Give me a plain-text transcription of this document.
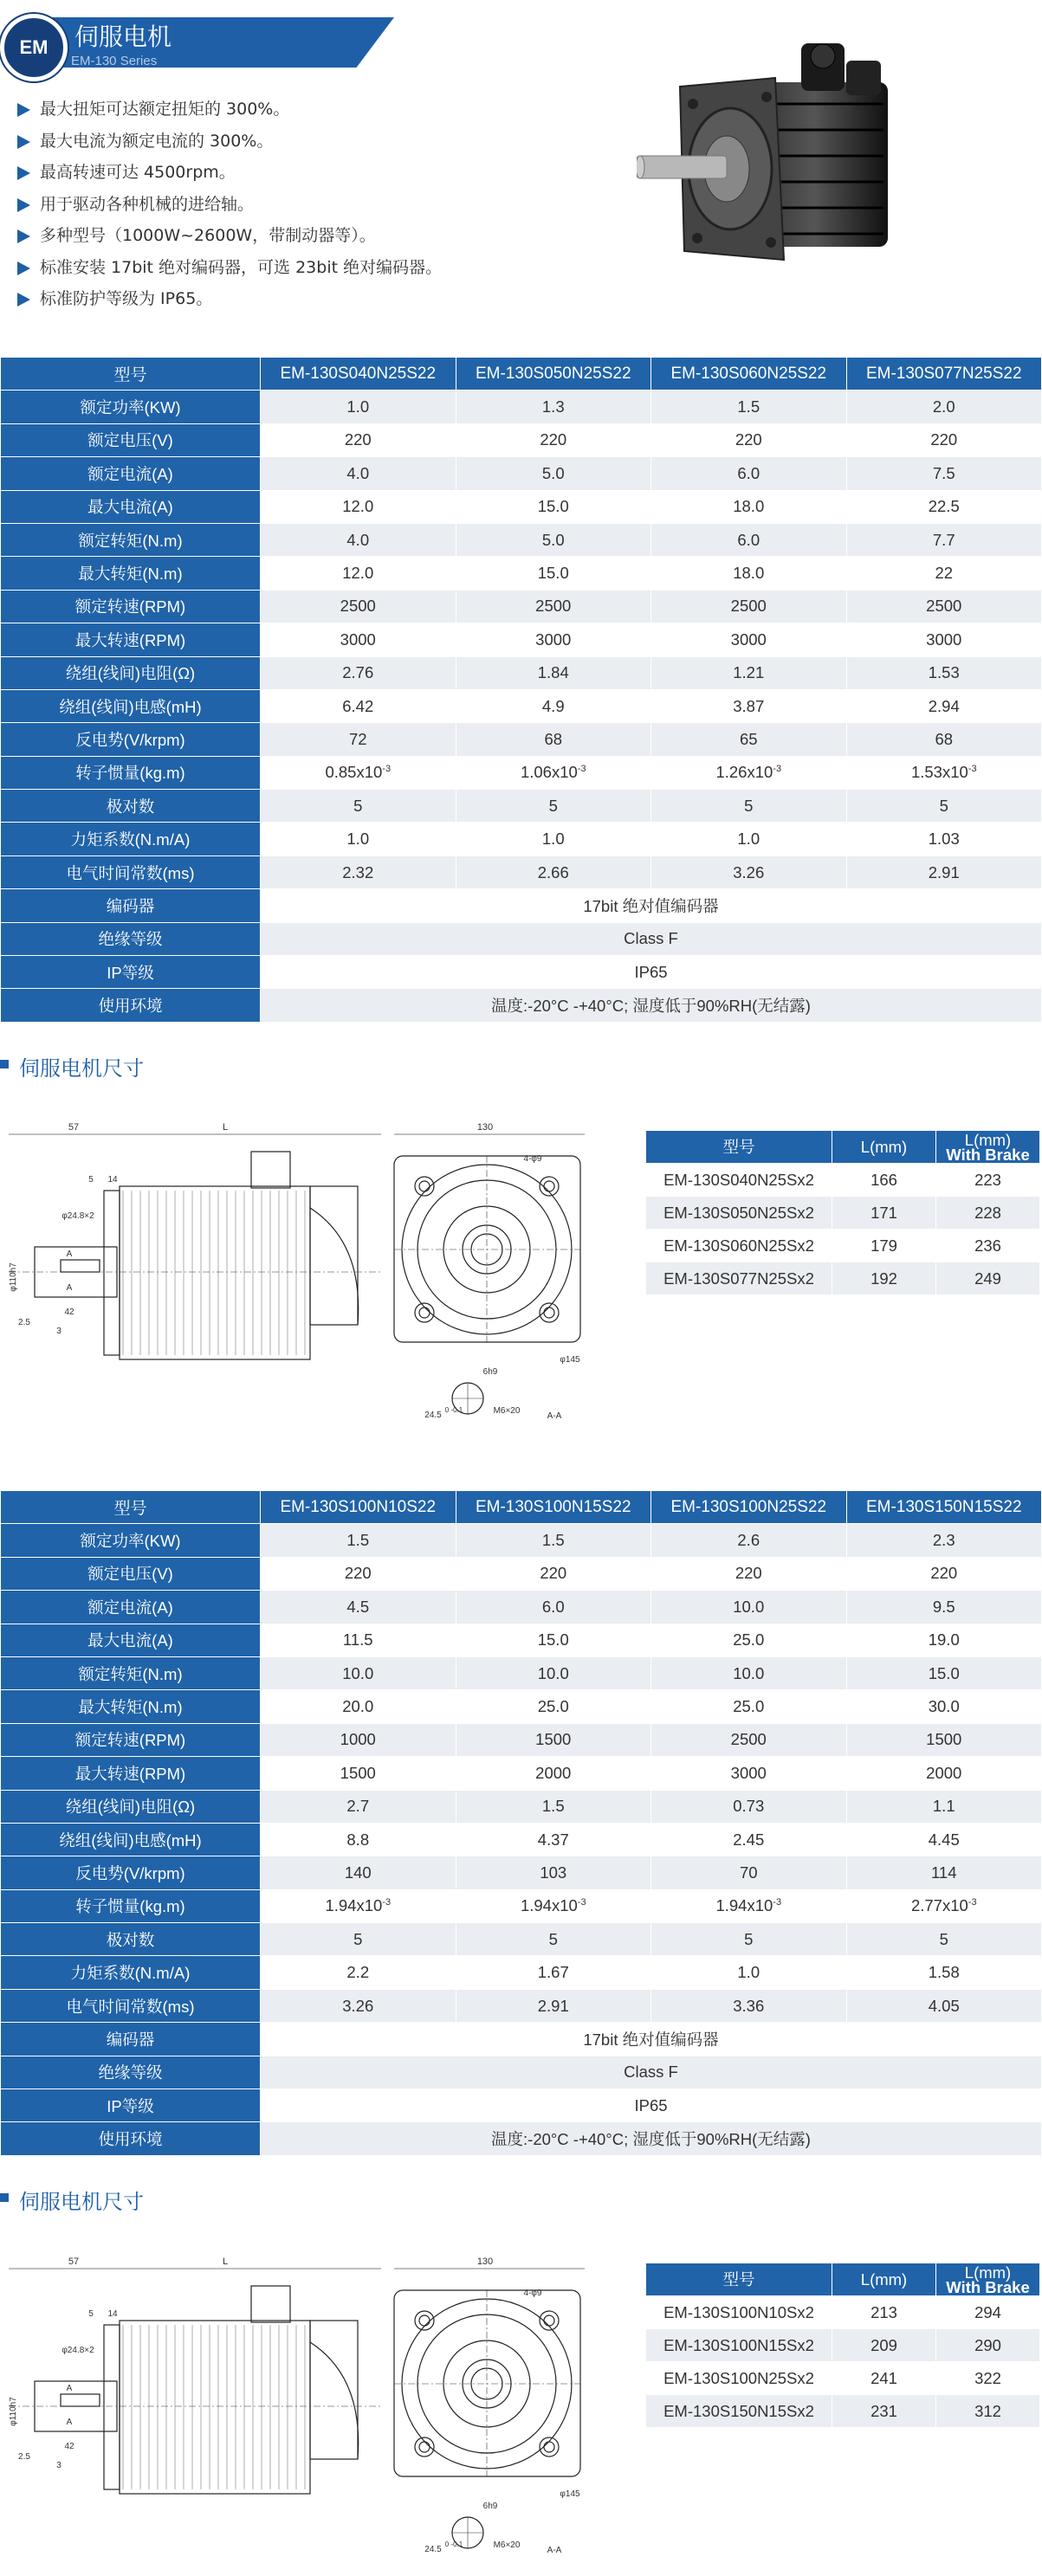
EM	伺服电机
EM-130 Series
最大扭矩可达额定扭矩的 300%。
最大电流为额定电流的 300%。
最高转速可达 4500rpm。
用于驱动各种机械的进给轴。
多种型号（1000W~2600W，带制动器等）。
标准安装 17bit 绝对编码器，可选 23bit 绝对编码器。
标准防护等级为 IP65。
型号	EM-130S040N25S22	EM-130S050N25S22	EM-130S060N25S22	EM-130S077N25S22
额定功率(KW)	1.0	1.3	1.5	2.0
额定电压(V)	220	220	220	220
额定电流(A)	4.0	5.0	6.0	7.5
最大电流(A)	12.0	15.0	18.0	22.5
额定转矩(N.m)	4.0	5.0	6.0	7.7
最大转矩(N.m)	12.0	15.0	18.0	22
额定转速(RPM)	2500	2500	2500	2500
最大转速(RPM)	3000	3000	3000	3000
绕组(线间)电阻(Ω)	2.76	1.84	1.21	1.53
绕组(线间)电感(mH)	6.42	4.9	3.87	2.94
反电势(V/krpm)	72	68	65	68
转子惯量(kg.m)	$0.85x10^{-3}$	$1.06x10^{-3}$	$1.26x10^{-3}$	$1.53x10^{-3}$
极对数	5	5	5	5
力矩系数(N.m/A)	1.0	1.0	1.0	1.03
电气时间常数(ms)	2.32	2.66	3.26	2.91
编码器	17bit 绝对值编码器			
绝缘等级	Class F			
IP等级	IP65			
使用环境	温度:-20°C -+40°C; 湿度低于90%RH(无结露)			
伺服电机尺寸
57	L	130
φ24.8×2
5 14
3
42
A
A
φ110h7
2.5
4-φ9
φ145
6h9
24.5
0 -0.1	M6×20
A-A
型号	L(mm)	L(mm)
With Brake

EM-130S040N25Sx2	166	223
EM-130S050N25Sx2	171	228
EM-130S060N25Sx2	179	236
EM-130S077N25Sx2	192	249
型号	EM-130S100N10S22	EM-130S100N15S22	EM-130S100N25S22	EM-130S150N15S22
额定功率(KW)	1.5	1.5	2.6	2.3
额定电压(V)	220	220	220	220
额定电流(A)	4.5	6.0	10.0	9.5
最大电流(A)	11.5	15.0	25.0	19.0
额定转矩(N.m)	10.0	10.0	10.0	15.0
最大转矩(N.m)	20.0	25.0	25.0	30.0
额定转速(RPM)	1000	1500	2500	1500
最大转速(RPM)	1500	2000	3000	2000
绕组(线间)电阻(Ω)	2.7	1.5	0.73	1.1
绕组(线间)电感(mH)	8.8	4.37	2.45	4.45
反电势(V/krpm)	140	103	70	114
转子惯量(kg.m)	$1.94x10^{-3}$	$1.94x10^{-3}$	$1.94x10^{-3}$	$2.77x10^{-3}$
极对数	5	5	5	5
力矩系数(N.m/A)	2.2	1.67	1.0	1.58
电气时间常数(ms)	3.26	2.91	3.36	4.05
编码器	17bit 绝对值编码器			
绝缘等级	Class F			
IP等级	IP65			
使用环境	温度:-20°C -+40°C; 湿度低于90%RH(无结露)			
伺服电机尺寸
57	L	130
φ24.8×2
5 14
3
42
A
A
φ110h7
2.5
4-φ9
φ145
6h9
24.5
0 -0.1	M6×20
A-A
型号	L(mm)	L(mm)
With Brake

EM-130S100N10Sx2	213	294
EM-130S100N15Sx2	209	290
EM-130S100N25Sx2	241	322
EM-130S150N15Sx2	231	312
